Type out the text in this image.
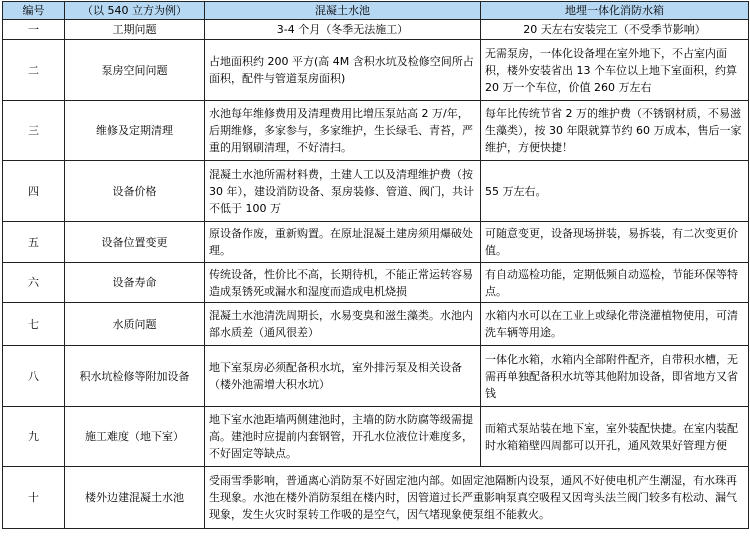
编号	（以 540 立方为例）	混凝土水池	地埋一体化消防水箱
一	工期问题	3-4 个月（冬季无法施工）	20 天左右安装完工（不受季节影响）
二	泵房空间问题	占地面积约 200 平方(高 4M 含积水坑及检修空间所占面积，配件与管道泵房面积)	无需泵房，一体化设备埋在室外地下，不占室内面积，楼外安装省出 13 个车位以上地下室面积，约算 20 万一个车位，价值 260 万左右
三	维修及定期清理	水池每年维修费用及清理费用比增压泵站高 2 万/年，后期维修，多家参与，多家维护，生长绿毛、青苔，严重的用钢刷清理，不好清扫。	每年比传统节省 2 万的维护费（不锈钢材质，不易滋生藻类），按 30 年限就算节约 60 万成本，售后一家维护，方便快捷！
四	设备价格	混凝土水池所需材料费，土建人工以及清理维护费（按 30 年），建设消防设备、泵房装修、管道、阀门，共计不低于 100 万	55 万左右。
五	设备位置变更	原设备作废，重新购置。在原址混凝土建房须用爆破处理。	可随意变更，设备现场拼装，易拆装，有二次变更价值。
六	设备寿命	传统设备，性价比不高，长期待机，不能正常运转容易造成泵锈死或漏水和湿度而造成电机烧损	有自动巡检功能，定期低频自动巡检，节能环保等特点。
七	水质问题	混凝土水池清洗周期长，水易变臭和滋生藻类。水池内部水质差（通风很差）	水箱内水可以在工业上或绿化带浇灌植物使用，可清洗车辆等用途。
八	积水坑检修等附加设备	地下室泵房必须配备积水坑，室外排污泵及相关设备（楼外池需增大积水坑）	一体化水箱，水箱内全部附件配齐，自带积水槽，无需再单独配备积水坑等其他附加设备，即省地方又省钱
九	施工难度（地下室）	地下室水池距墙两侧建池时，主墙的防水防腐等级需提高。建池时应提前内套钢管，开孔水位液位计难度多，不好固定等缺点。	而箱式泵站装在地下室，室外装配快捷。在室内装配时水箱箱壁四周都可以开孔，通风效果好管理方便
十	楼外边建混凝土水池	受雨雪季影响，普通离心消防泵不好固定池内部。如固定池隔断内设泵，通风不好使电机产生潮湿，有水珠再生现象。水池在楼外消防泵组在楼内时，因管道过长严重影响泵真空吸程又因弯头法兰阀门较多有松动、漏气现象，发生火灾时泵转工作吸的是空气，因气堵现象使泵组不能救火。	
